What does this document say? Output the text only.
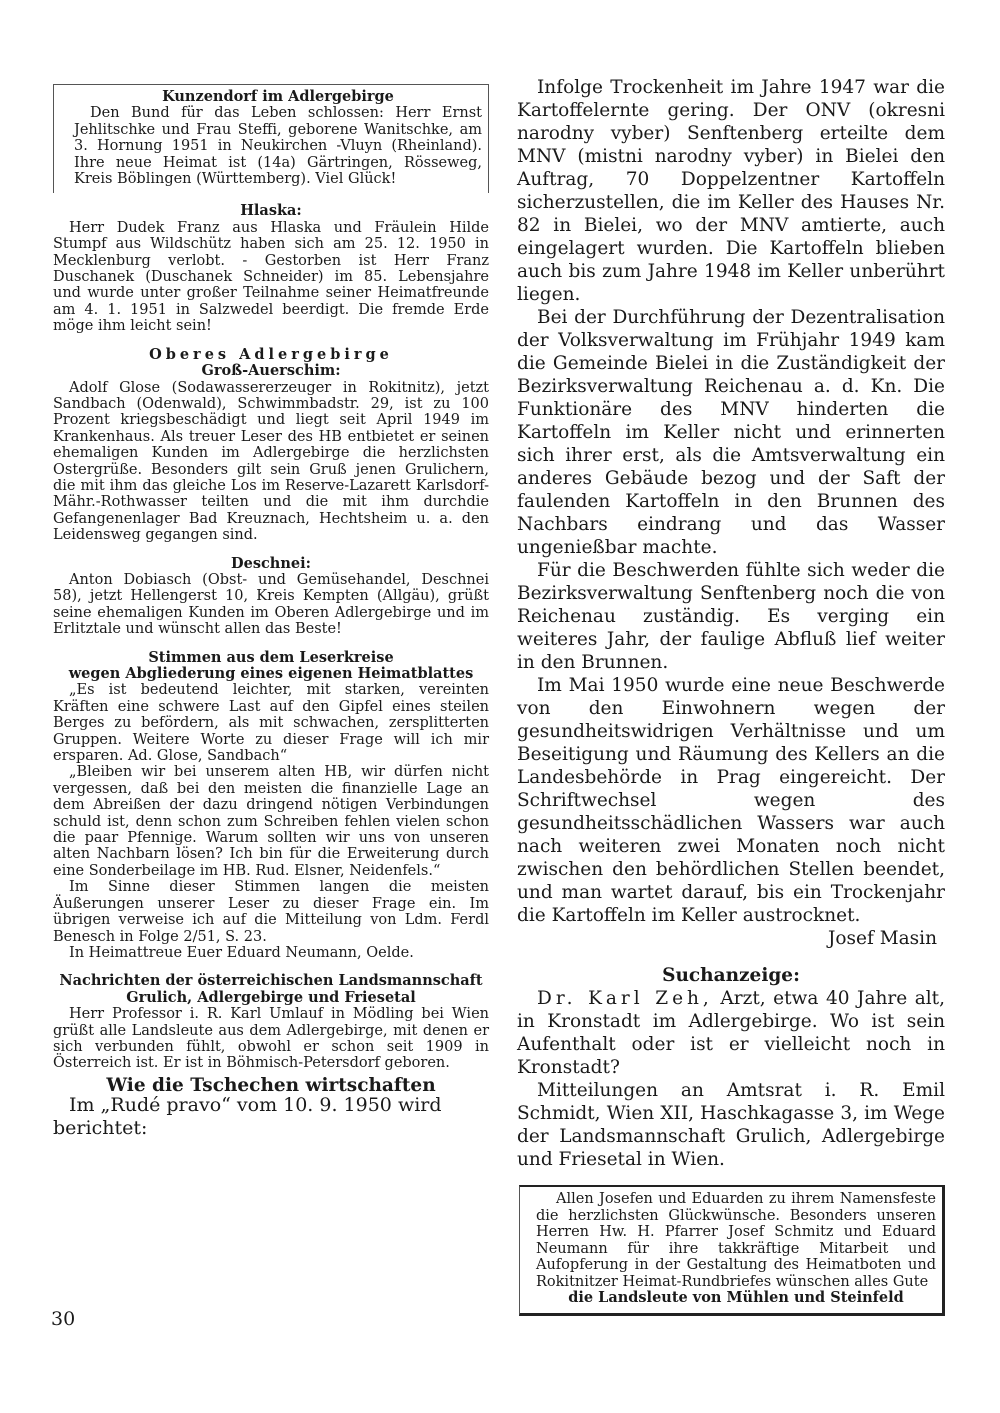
Kunzendorf im Adlergebirge

Den Bund für das Leben schlossen: Herr Ernst Jehlitschke und Frau Steffi, geborene Wanitschke, am 3. Hornung 1951 in Neukirchen -Vluyn (Rheinland). Ihre neue Heimat ist (14a) Gärtringen, Rösseweg, Kreis Böblingen (Württemberg). Viel Glück!

Hlaska:

Herr Dudek Franz aus Hlaska und Fräulein Hilde Stumpf aus Wildschütz haben sich am 25. 12. 1950 in Mecklenburg verlobt. - Gestorben ist Herr Franz Duschanek (Duschanek Schneider) im 85. Lebensjahre und wurde unter großer Teilnahme seiner Heimatfreunde am 4. 1. 1951 in Salzwedel beerdigt. Die fremde Erde möge ihm leicht sein!

Oberes Adlergebirge

Groß-Auerschim:

Adolf Glose (Sodawassererzeuger in Rokitnitz), jetzt Sandbach (Odenwald), Schwimmbadstr. 29, ist zu 100 Prozent kriegsbeschädigt und liegt seit April 1949 im Krankenhaus. Als treuer Leser des HB entbietet er seinen ehemaligen Kunden im Adlergebirge die herzlichsten Ostergrüße. Besonders gilt sein Gruß jenen Grulichern, die mit ihm das gleiche Los im Reserve-Lazarett Karlsdorf-Mähr.-Rothwasser teilten und die mit ihm durchdie Gefangenenlager Bad Kreuznach, Hechtsheim u. a. den Leidensweg gegangen sind.

Deschnei:

Anton Dobiasch (Obst- und Gemüsehandel, Deschnei 58), jetzt Hellengerst 10, Kreis Kempten (Allgäu), grüßt seine ehemaligen Kunden im Oberen Adlergebirge und im Erlitztale und wünscht allen das Beste!

Stimmen aus dem Leserkreise

wegen Abgliederung eines eigenen Heimatblattes

„Es ist bedeutend leichter, mit starken, vereinten Kräften eine schwere Last auf den Gipfel eines steilen Berges zu befördern, als mit schwachen, zersplitterten Gruppen. Weitere Worte zu dieser Frage will ich mir ersparen. Ad. Glose, Sandbach“

„Bleiben wir bei unserem alten HB, wir dürfen nicht vergessen, daß bei den meisten die finanzielle Lage an dem Abreißen der dazu dringend nötigen Verbindungen schuld ist, denn schon zum Schreiben fehlen vielen schon die paar Pfennige. Warum sollten wir uns von unseren alten Nachbarn lösen? Ich bin für die Erweiterung durch eine Sonderbeilage im HB. Rud. Elsner, Neidenfels.“

Im Sinne dieser Stimmen langen die meisten Äußerungen unserer Leser zu dieser Frage ein. Im übrigen verweise ich auf die Mitteilung von Ldm. Ferdl Benesch in Folge 2/51, S. 23.

In Heimattreue Euer Eduard Neumann, Oelde.

Nachrichten der österreichischen Landsmannschaft Grulich, Adlergebirge und Friesetal

Herr Professor i. R. Karl Umlauf in Mödling bei Wien grüßt alle Landsleute aus dem Adlergebirge, mit denen er sich verbunden fühlt, obwohl er schon seit 1909 in Österreich ist. Er ist in Böhmisch-Petersdorf geboren.

Wie die Tschechen wirtschaften

Im „Rudé pravo“ vom 10. 9. 1950 wird berichtet:

Infolge Trockenheit im Jahre 1947 war die Kartoffelernte gering. Der ONV (okresni narodny vyber) Senftenberg erteilte dem MNV (mistni narodny vyber) in Bielei den Auftrag, 70 Doppelzentner Kartoffeln sicherzustellen, die im Keller des Hauses Nr. 82 in Bielei, wo der MNV amtierte, auch eingelagert wurden. Die Kartoffeln blieben auch bis zum Jahre 1948 im Keller unberührt liegen.

Bei der Durchführung der Dezentralisation der Volksverwaltung im Frühjahr 1949 kam die Gemeinde Bielei in die Zuständigkeit der Bezirksverwaltung Reichenau a. d. Kn. Die Funktionäre des MNV hinderten die Kartoffeln im Keller nicht und erinnerten sich ihrer erst, als die Amtsverwaltung ein anderes Gebäude bezog und der Saft der faulenden Kartoffeln in den Brunnen des Nachbars eindrang und das Wasser ungenießbar machte.

Für die Beschwerden fühlte sich weder die Bezirksverwaltung Senftenberg noch die von Reichenau zuständig. Es verging ein weiteres Jahr, der faulige Abfluß lief weiter in den Brunnen.

Im Mai 1950 wurde eine neue Beschwerde von den Einwohnern wegen der gesundheitswidrigen Verhältnisse und um Beseitigung und Räumung des Kellers an die Landesbehörde in Prag eingereicht. Der Schriftwechsel wegen des gesundheitsschädlichen Wassers war auch nach weiteren zwei Monaten noch nicht zwischen den behördlichen Stellen beendet, und man wartet darauf, bis ein Trockenjahr die Kartoffeln im Keller austrocknet.

Josef Masin

Suchanzeige:

Dr. Karl Zeh, Arzt, etwa 40 Jahre alt, in Kronstadt im Adlergebirge. Wo ist sein Aufenthalt oder ist er vielleicht noch in Kronstadt?

Mitteilungen an Amtsrat i. R. Emil Schmidt, Wien XII, Haschkagasse 3, im Wege der Landsmannschaft Grulich, Adlergebirge und Friesetal in Wien.

Allen Josefen und Eduarden zu ihrem Namensfeste die herzlichsten Glückwünsche. Besonders unseren Herren Hw. H. Pfarrer Josef Schmitz und Eduard Neumann für ihre takkräftige Mitarbeit und Aufopferung in der Gestaltung des Heimatboten und Rokitnitzer Heimat-Rundbriefes wünschen alles Gute

die Landsleute von Mühlen und Steinfeld

30
